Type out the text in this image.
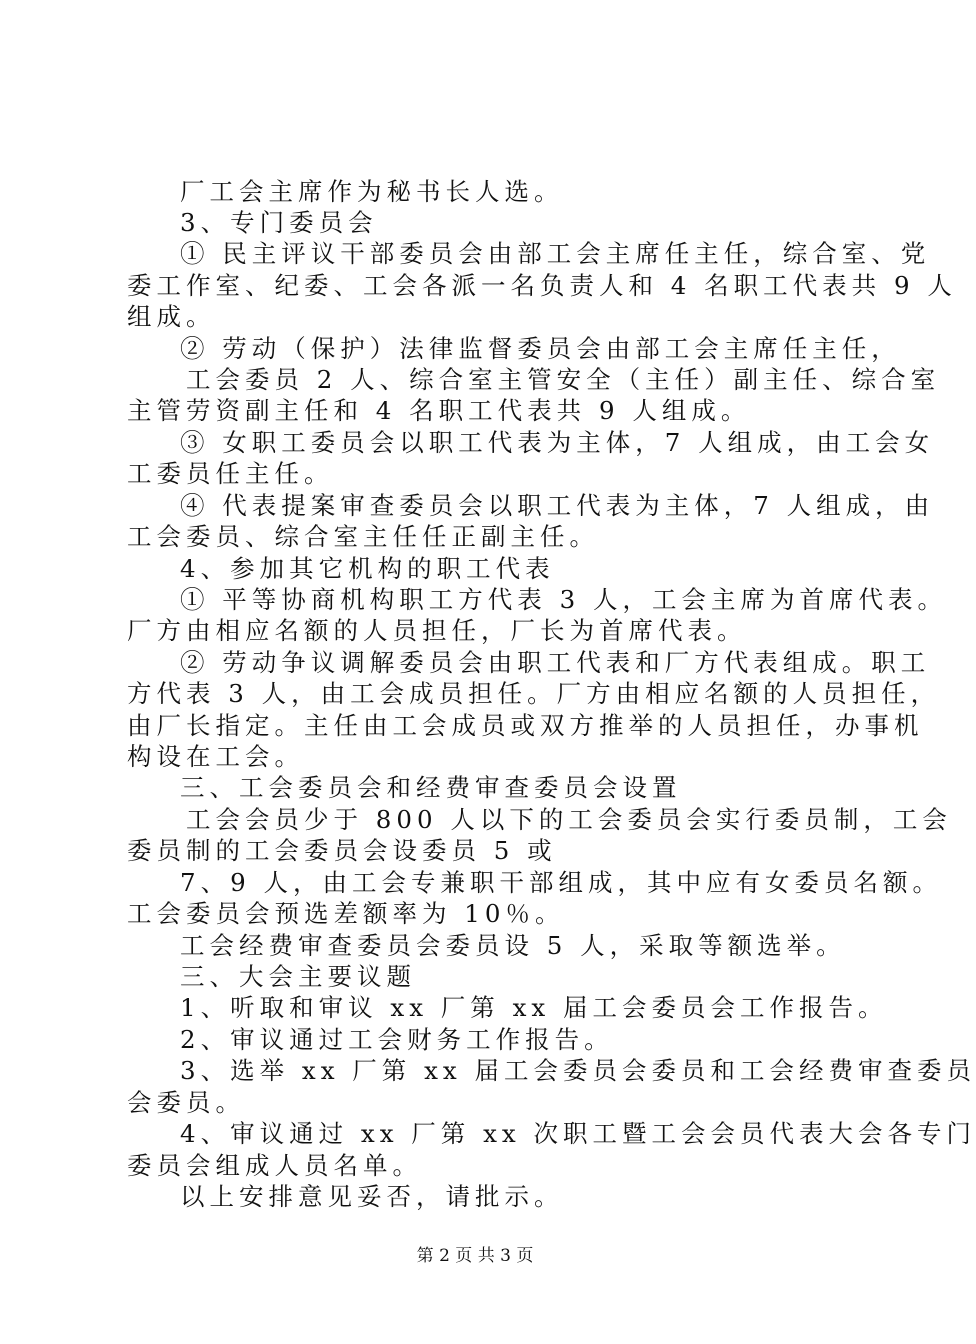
厂工会主席作为秘书长人选。
3、专门委员会
① 民主评议干部委员会由部工会主席任主任，综合室、党
委工作室、纪委、工会各派一名负责人和 4 名职工代表共 9 人
组成。
② 劳动（保护）法律监督委员会由部工会主席任主任，
工会委员 2 人、综合室主管安全（主任）副主任、综合室
主管劳资副主任和 4 名职工代表共 9 人组成。
③ 女职工委员会以职工代表为主体，7 人组成，由工会女
工委员任主任。
④ 代表提案审查委员会以职工代表为主体，7 人组成，由
工会委员、综合室主任任正副主任。
4、参加其它机构的职工代表
① 平等协商机构职工方代表 3 人，工会主席为首席代表。
厂方由相应名额的人员担任，厂长为首席代表。
② 劳动争议调解委员会由职工代表和厂方代表组成。职工
方代表 3 人，由工会成员担任。厂方由相应名额的人员担任，
由厂长指定。主任由工会成员或双方推举的人员担任，办事机
构设在工会。
三、工会委员会和经费审查委员会设置
工会会员少于 800 人以下的工会委员会实行委员制，工会
委员制的工会委员会设委员 5 或
7、9 人，由工会专兼职干部组成，其中应有女委员名额。
工会委员会预选差额率为 10％。
工会经费审查委员会委员设 5 人，采取等额选举。
三、大会主要议题
1、听取和审议 xx 厂第 xx 届工会委员会工作报告。
2、审议通过工会财务工作报告。
3、选举 xx 厂第 xx 届工会委员会委员和工会经费审查委员
会委员。
4、审议通过 xx 厂第 xx 次职工暨工会会员代表大会各专门
委员会组成人员名单。
以上安排意见妥否，请批示。
第 2 页 共 3 页
